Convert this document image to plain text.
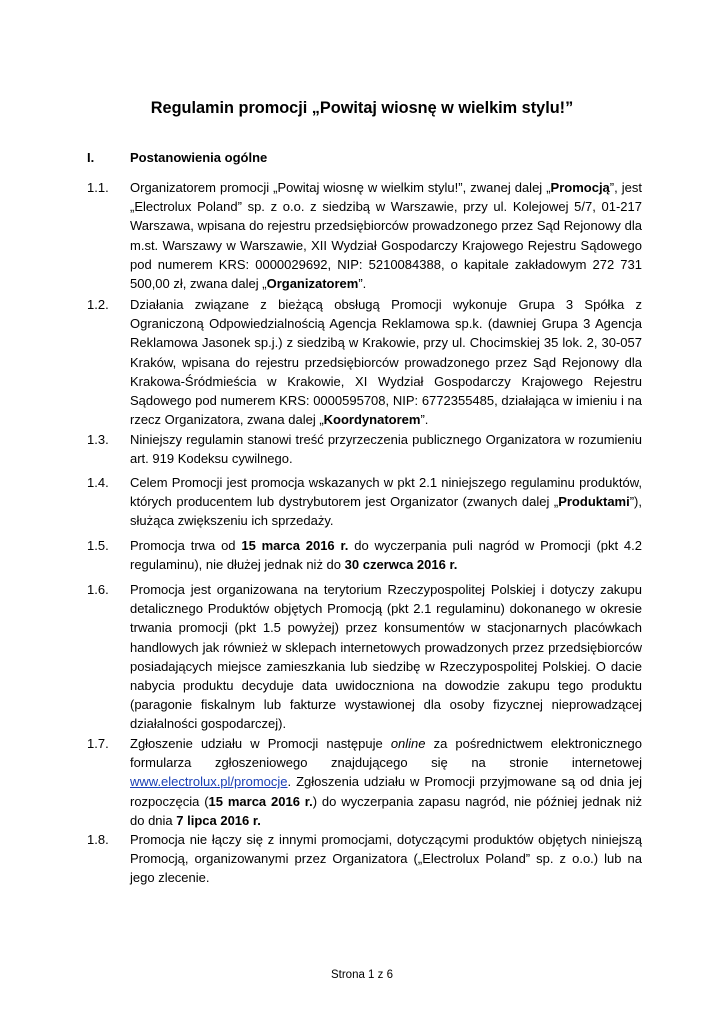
Regulamin promocji „Powitaj wiosnę w wielkim stylu!”
I.	Postanowienia ogólne
1.1.	Organizatorem promocji „Powitaj wiosnę w wielkim stylu!”, zwanej dalej „Promocją”, jest „Electrolux Poland” sp. z o.o. z siedzibą w Warszawie, przy ul. Kolejowej 5/7, 01-217 Warszawa, wpisana do rejestru przedsiębiorców prowadzonego przez Sąd Rejonowy dla m.st. Warszawy w Warszawie, XII Wydział Gospodarczy Krajowego Rejestru Sądowego pod numerem KRS: 0000029692, NIP: 5210084388, o kapitale zakładowym 272 731 500,00 zł, zwana dalej „Organizatorem”.
1.2.	Działania związane z bieżącą obsługą Promocji wykonuje Grupa 3 Spółka z Ograniczoną Odpowiedzialnością Agencja Reklamowa sp.k. (dawniej Grupa 3 Agencja Reklamowa Jasonek sp.j.) z siedzibą w Krakowie, przy ul. Chocimskiej 35 lok. 2, 30-057 Kraków, wpisana do rejestru przedsiębiorców prowadzonego przez Sąd Rejonowy dla Krakowa-Śródmieścia w Krakowie, XI Wydział Gospodarczy Krajowego Rejestru Sądowego pod numerem KRS: 0000595708, NIP: 6772355485, działająca w imieniu i na rzecz Organizatora, zwana dalej „Koordynatorem”.
1.3.	Niniejszy regulamin stanowi treść przyrzeczenia publicznego Organizatora w rozumieniu art. 919 Kodeksu cywilnego.
1.4.	Celem Promocji jest promocja wskazanych w pkt 2.1 niniejszego regulaminu produktów, których producentem lub dystrybutorem jest Organizator (zwanych dalej „Produktami”), służąca zwiększeniu ich sprzedaży.
1.5.	Promocja trwa od 15 marca 2016 r. do wyczerpania puli nagród w Promocji (pkt 4.2 regulaminu), nie dłużej jednak niż do 30 czerwca 2016 r.
1.6.	Promocja jest organizowana na terytorium Rzeczypospolitej Polskiej i dotyczy zakupu detalicznego Produktów objętych Promocją (pkt 2.1 regulaminu) dokonanego w okresie trwania promocji (pkt 1.5 powyżej) przez konsumentów w stacjonarnych placówkach handlowych jak również w sklepach internetowych prowadzonych przez przedsiębiorców posiadających miejsce zamieszkania lub siedzibę w Rzeczypospolitej Polskiej. O dacie nabycia produktu decyduje data uwidoczniona na dowodzie zakupu tego produktu (paragonie fiskalnym lub fakturze wystawionej dla osoby fizycznej nieprowadzącej działalności gospodarczej).
1.7.	Zgłoszenie udziału w Promocji następuje online za pośrednictwem elektronicznego formularza zgłoszeniowego znajdującego się na stronie internetowej www.electrolux.pl/promocje. Zgłoszenia udziału w Promocji przyjmowane są od dnia jej rozpoczęcia (15 marca 2016 r.) do wyczerpania zapasu nagród, nie później jednak niż do dnia 7 lipca 2016 r.
1.8.	Promocja nie łączy się z innymi promocjami, dotyczącymi produktów objętych niniejszą Promocją, organizowanymi przez Organizatora („Electrolux Poland” sp. z o.o.) lub na jego zlecenie.
Strona 1 z 6
